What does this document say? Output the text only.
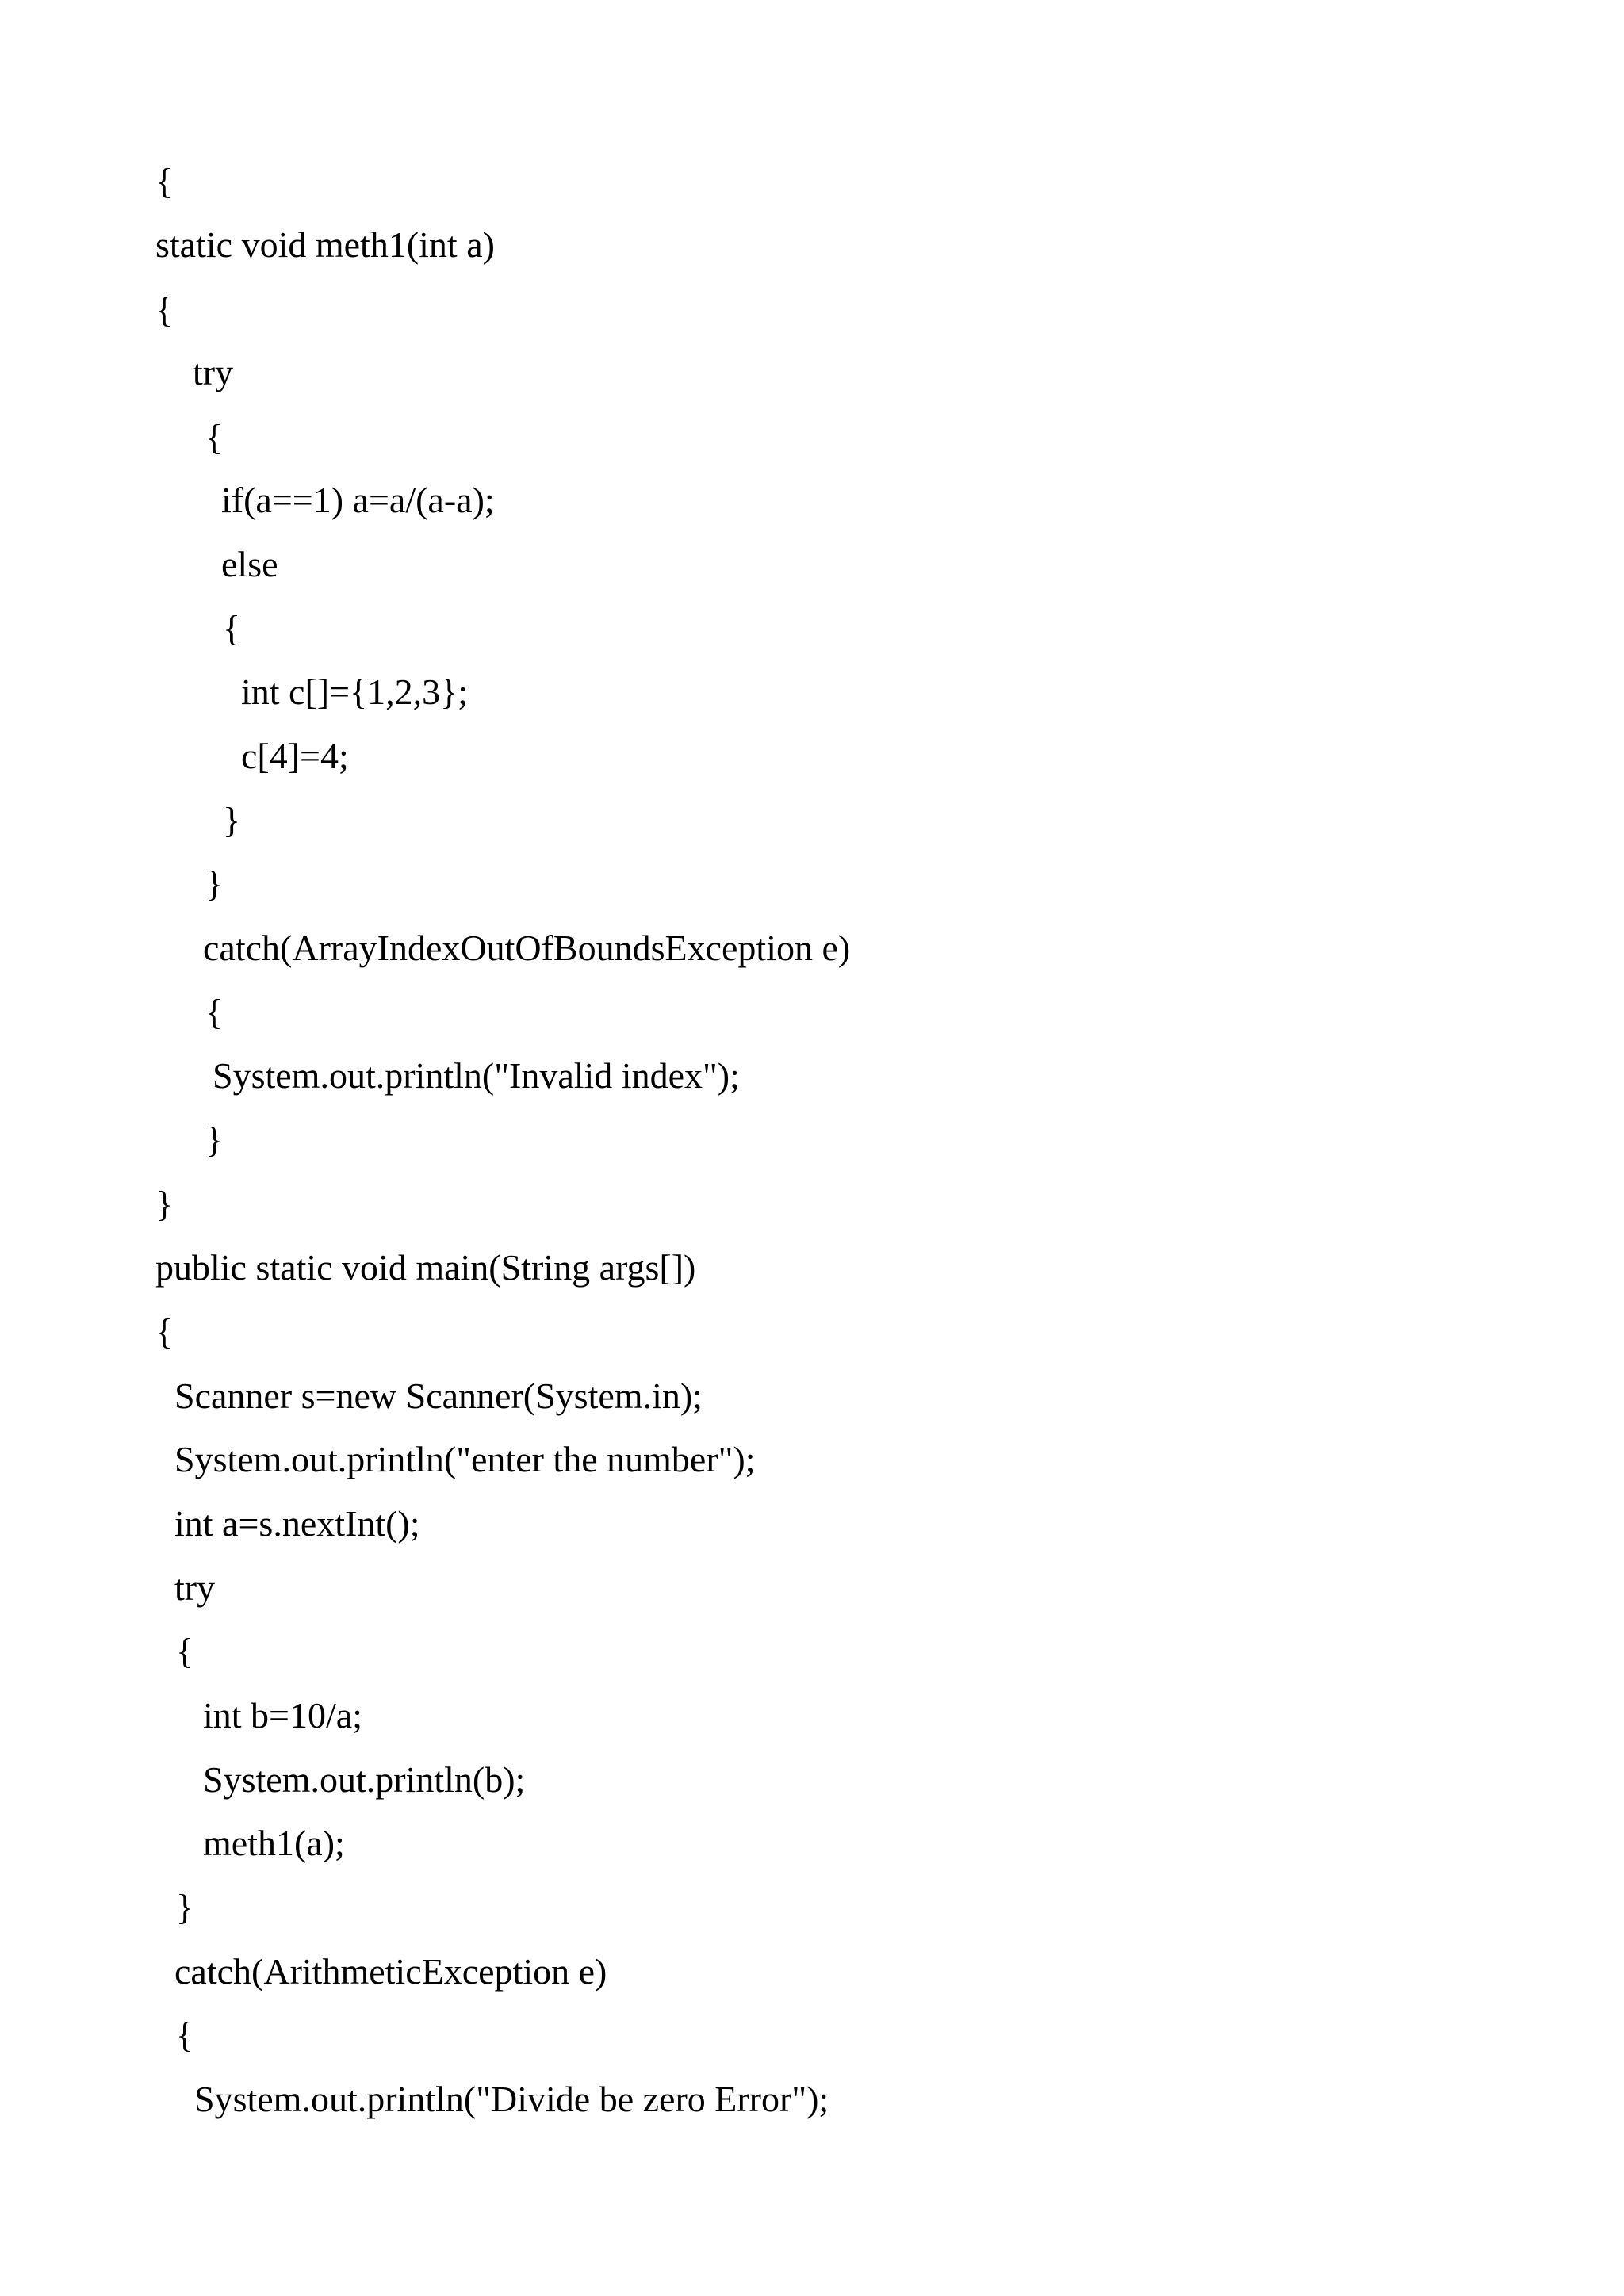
{

static void meth1(int a)

{

try

{

if(a==1) a=a/(a-a);

else

{

int c[]={1,2,3};

c[4]=4;

}

}

catch(ArrayIndexOutOfBoundsException e)

{

System.out.println("Invalid index");

}

}

public static void main(String args[])

{

Scanner s=new Scanner(System.in);

System.out.println("enter the number");

int a=s.nextInt();

try

{

int b=10/a;

System.out.println(b);

meth1(a);

}

catch(ArithmeticException e)

{

System.out.println("Divide be zero Error");
